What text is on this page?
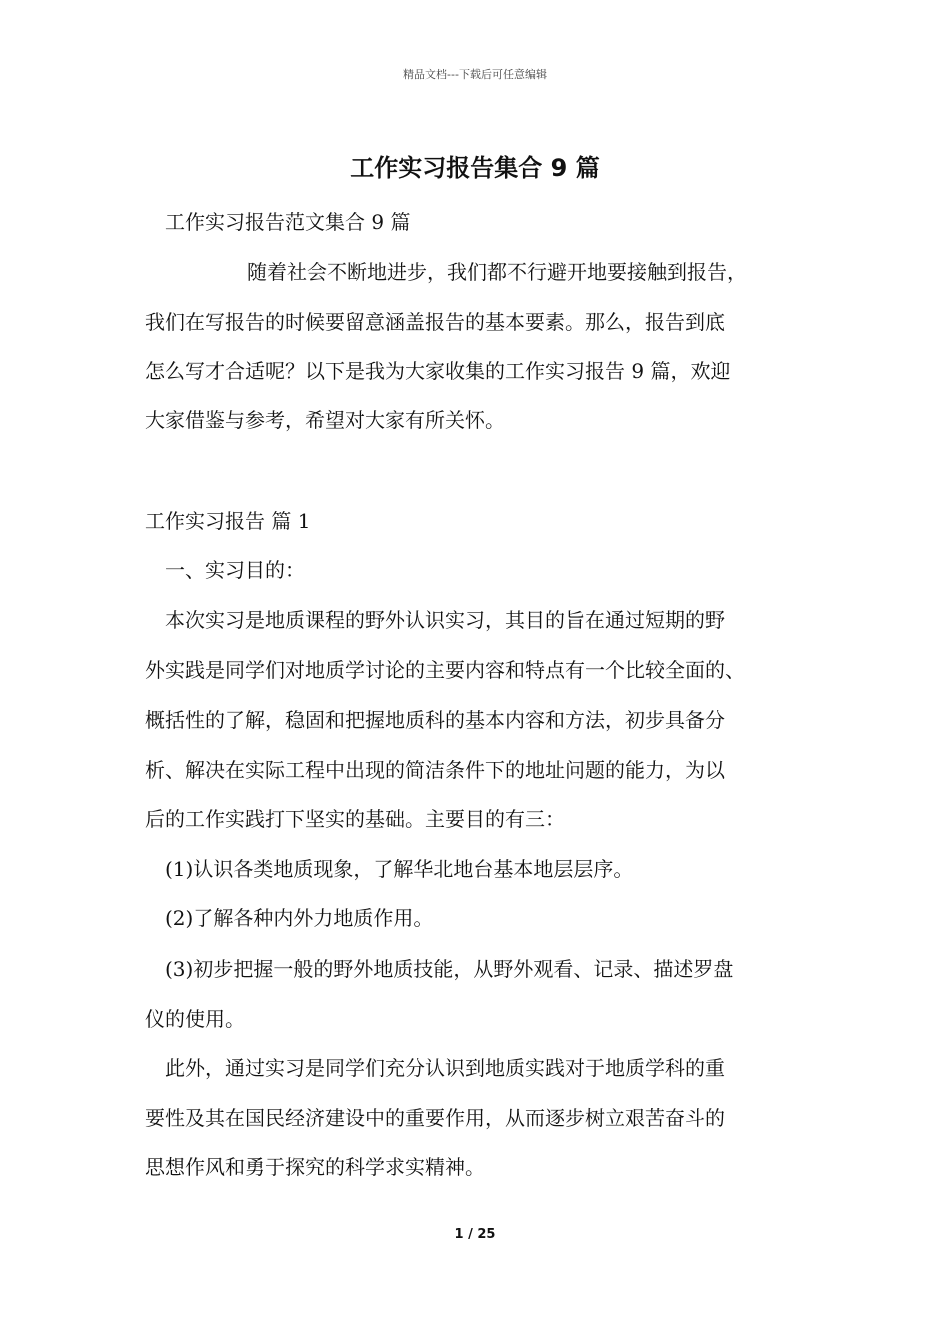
精品文档---下载后可任意编辑
工作实习报告集合 9 篇

工作实习报告范文集合 9 篇

随着社会不断地进步，我们都不行避开地要接触到报告，

我们在写报告的时候要留意涵盖报告的基本要素。那么，报告到底

怎么写才合适呢？以下是我为大家收集的工作实习报告 9 篇，欢迎

大家借鉴与参考，希望对大家有所关怀。

工作实习报告 篇 1

一、实习目的：

本次实习是地质课程的野外认识实习，其目的旨在通过短期的野

外实践是同学们对地质学讨论的主要内容和特点有一个比较全面的、

概括性的了解，稳固和把握地质科的基本内容和方法，初步具备分

析、解决在实际工程中出现的简洁条件下的地址问题的能力，为以

后的工作实践打下坚实的基础。主要目的有三：

(1)认识各类地质现象，了解华北地台基本地层层序。

(2)了解各种内外力地质作用。

(3)初步把握一般的野外地质技能，从野外观看、记录、描述罗盘

仪的使用。

此外，通过实习是同学们充分认识到地质实践对于地质学科的重

要性及其在国民经济建设中的重要作用，从而逐步树立艰苦奋斗的

思想作风和勇于探究的科学求实精神。

1 / 25
